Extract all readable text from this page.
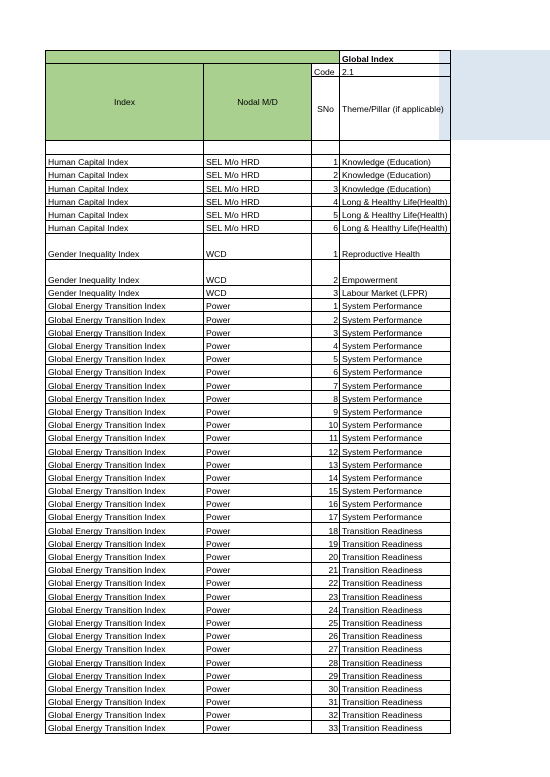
			Global Index
Index	Nodal M/D	Code	2.1
		SNo	Theme/Pillar (if applicable)

Human Capital Index	SEL M/o HRD	1	Knowledge (Education)
Human Capital Index	SEL M/o HRD	2	Knowledge (Education)
Human Capital Index	SEL M/o HRD	3	Knowledge (Education)
Human Capital Index	SEL M/o HRD	4	Long & Healthy Life(Health)
Human Capital Index	SEL M/o HRD	5	Long & Healthy Life(Health)
Human Capital Index	SEL M/o HRD	6	Long & Healthy Life(Health)
Gender Inequality Index	WCD	1	Reproductive Health
Gender Inequality Index	WCD	2	Empowerment
Gender Inequality Index	WCD	3	Labour Market (LFPR)
Global Energy Transition Index	Power	1	System Performance
Global Energy Transition Index	Power	2	System Performance
Global Energy Transition Index	Power	3	System Performance
Global Energy Transition Index	Power	4	System Performance
Global Energy Transition Index	Power	5	System Performance
Global Energy Transition Index	Power	6	System Performance
Global Energy Transition Index	Power	7	System Performance
Global Energy Transition Index	Power	8	System Performance
Global Energy Transition Index	Power	9	System Performance
Global Energy Transition Index	Power	10	System Performance
Global Energy Transition Index	Power	11	System Performance
Global Energy Transition Index	Power	12	System Performance
Global Energy Transition Index	Power	13	System Performance
Global Energy Transition Index	Power	14	System Performance
Global Energy Transition Index	Power	15	System Performance
Global Energy Transition Index	Power	16	System Performance
Global Energy Transition Index	Power	17	System Performance
Global Energy Transition Index	Power	18	Transition Readiness
Global Energy Transition Index	Power	19	Transition Readiness
Global Energy Transition Index	Power	20	Transition Readiness
Global Energy Transition Index	Power	21	Transition Readiness
Global Energy Transition Index	Power	22	Transition Readiness
Global Energy Transition Index	Power	23	Transition Readiness
Global Energy Transition Index	Power	24	Transition Readiness
Global Energy Transition Index	Power	25	Transition Readiness
Global Energy Transition Index	Power	26	Transition Readiness
Global Energy Transition Index	Power	27	Transition Readiness
Global Energy Transition Index	Power	28	Transition Readiness
Global Energy Transition Index	Power	29	Transition Readiness
Global Energy Transition Index	Power	30	Transition Readiness
Global Energy Transition Index	Power	31	Transition Readiness
Global Energy Transition Index	Power	32	Transition Readiness
Global Energy Transition Index	Power	33	Transition Readiness
